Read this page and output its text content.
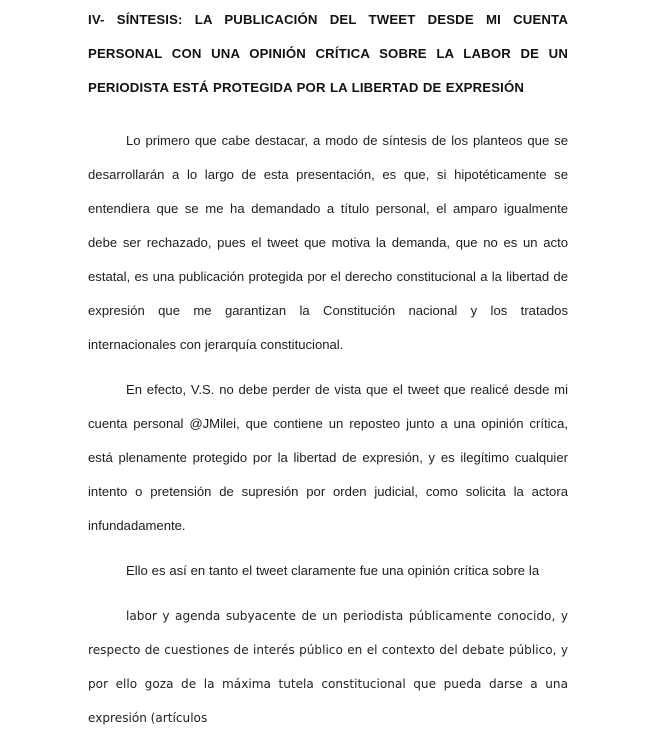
IV- SÍNTESIS: LA PUBLICACIÓN DEL TWEET DESDE MI CUENTA
PERSONAL CON UNA OPINIÓN CRÍTICA SOBRE LA LABOR DE UN
PERIODISTA ESTÁ PROTEGIDA POR LA LIBERTAD DE EXPRESIÓN

Lo primero que cabe destacar, a modo de síntesis de los planteos que se desarrollarán a lo largo de esta presentación, es que, si hipotéticamente se entendiera que se me ha demandado a título personal, el amparo igualmente debe ser rechazado, pues el tweet que motiva la demanda, que no es un acto estatal, es una publicación protegida por el derecho constitucional a la libertad de expresión que me garantizan la Constitución nacional y los tratados internacionales con jerarquía constitucional.

En efecto, V.S. no debe perder de vista que el tweet que realicé desde mi cuenta personal @JMilei, que contiene un reposteo junto a una opinión crítica, está plenamente protegido por la libertad de expresión, y es ilegítimo cualquier intento o pretensión de supresión por orden judicial, como solicita la actora infundadamente.

Ello es así en tanto el tweet claramente fue una opinión crítica sobre la

labor y agenda subyacente de un periodista públicamente conocido, y respecto de cuestiones de interés público en el contexto del debate público, y por ello goza de la máxima tutela constitucional que pueda darse a una expresión (artículos
